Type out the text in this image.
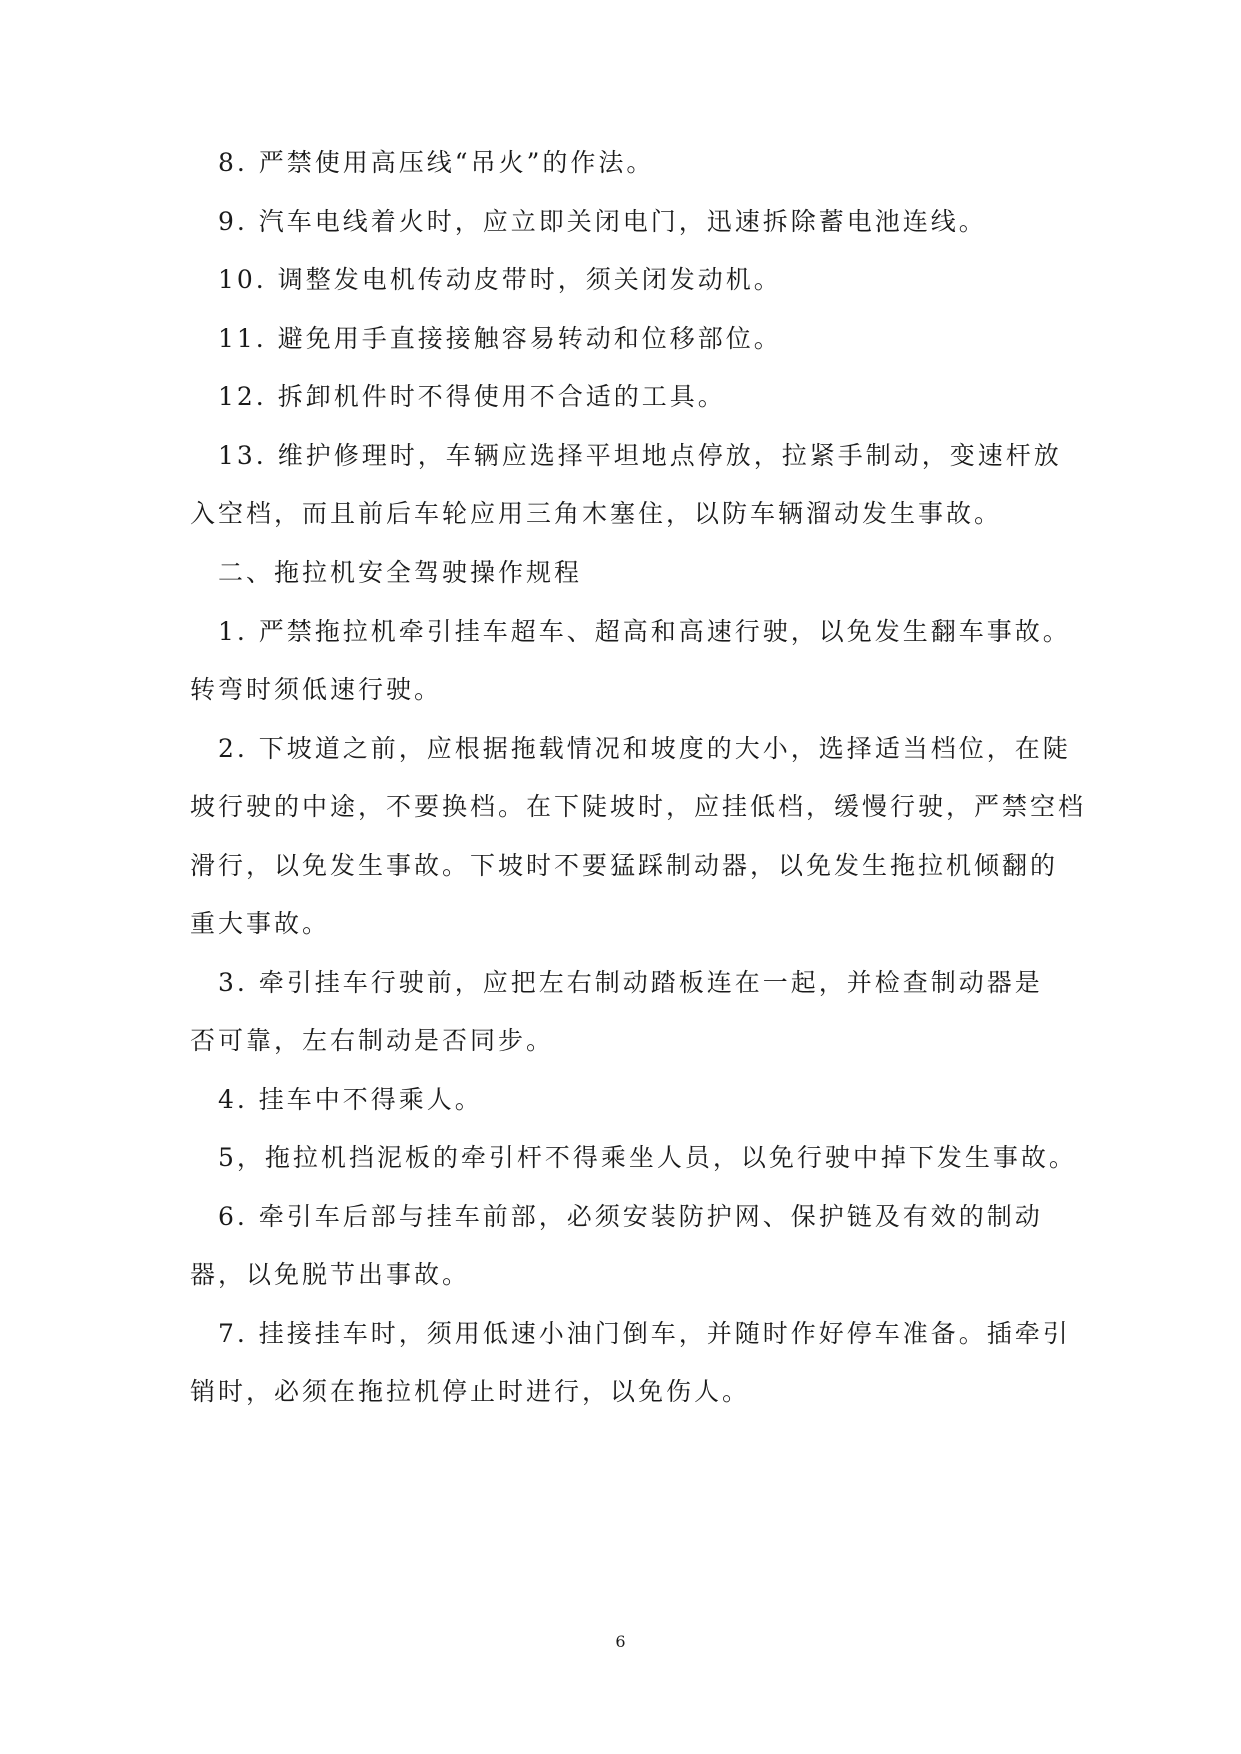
8. 严禁使用高压线“吊火”的作法。
9. 汽车电线着火时，应立即关闭电门，迅速拆除蓄电池连线。
10. 调整发电机传动皮带时，须关闭发动机。
11. 避免用手直接接触容易转动和位移部位。
12. 拆卸机件时不得使用不合适的工具。
13. 维护修理时，车辆应选择平坦地点停放，拉紧手制动，变速杆放
入空档，而且前后车轮应用三角木塞住，以防车辆溜动发生事故。
二、拖拉机安全驾驶操作规程
1. 严禁拖拉机牵引挂车超车、超高和高速行驶，以免发生翻车事故。
转弯时须低速行驶。
2. 下坡道之前，应根据拖载情况和坡度的大小，选择适当档位，在陡
坡行驶的中途，不要换档。在下陡坡时，应挂低档，缓慢行驶，严禁空档
滑行，以免发生事故。下坡时不要猛踩制动器，以免发生拖拉机倾翻的
重大事故。
3. 牵引挂车行驶前，应把左右制动踏板连在一起，并检查制动器是
否可靠，左右制动是否同步。
4. 挂车中不得乘人。
5，拖拉机挡泥板的牵引杆不得乘坐人员，以免行驶中掉下发生事故。
6. 牵引车后部与挂车前部，必须安装防护网、保护链及有效的制动
器，以免脱节出事故。
7. 挂接挂车时，须用低速小油门倒车，并随时作好停车准备。插牵引
销时，必须在拖拉机停止时进行，以免伤人。
6
